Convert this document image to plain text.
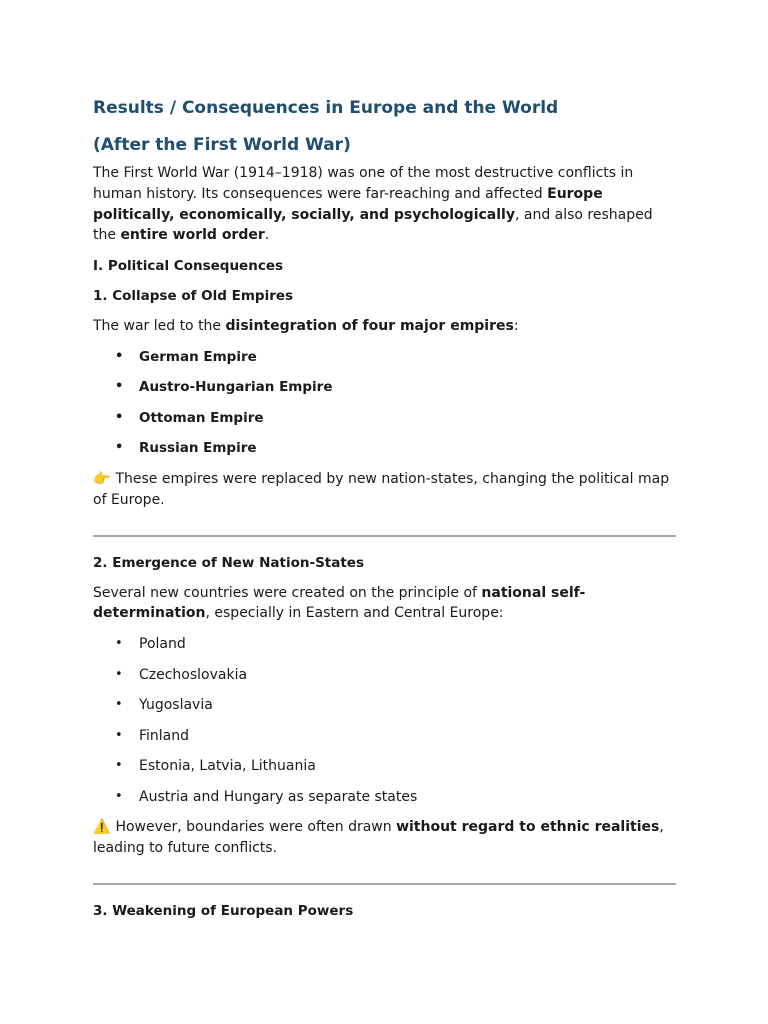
Results / Consequences in Europe and the World
(After the First World War)

The First World War (1914–1918) was one of the most destructive conflicts in human history. Its consequences were far-reaching and affected Europe politically, economically, socially, and psychologically, and also reshaped the entire world order.

I. Political Consequences
1. Collapse of Old Empires

The war led to the disintegration of four major empires:

• German Empire
• Austro-Hungarian Empire
• Ottoman Empire
• Russian Empire

👉 These empires were replaced by new nation-states, changing the political map of Europe.

2. Emergence of New Nation-States

Several new countries were created on the principle of national self-determination, especially in Eastern and Central Europe:

• Poland
• Czechoslovakia
• Yugoslavia
• Finland
• Estonia, Latvia, Lithuania
• Austria and Hungary as separate states

⚠️ However, boundaries were often drawn without regard to ethnic realities, leading to future conflicts.

3. Weakening of European Powers
